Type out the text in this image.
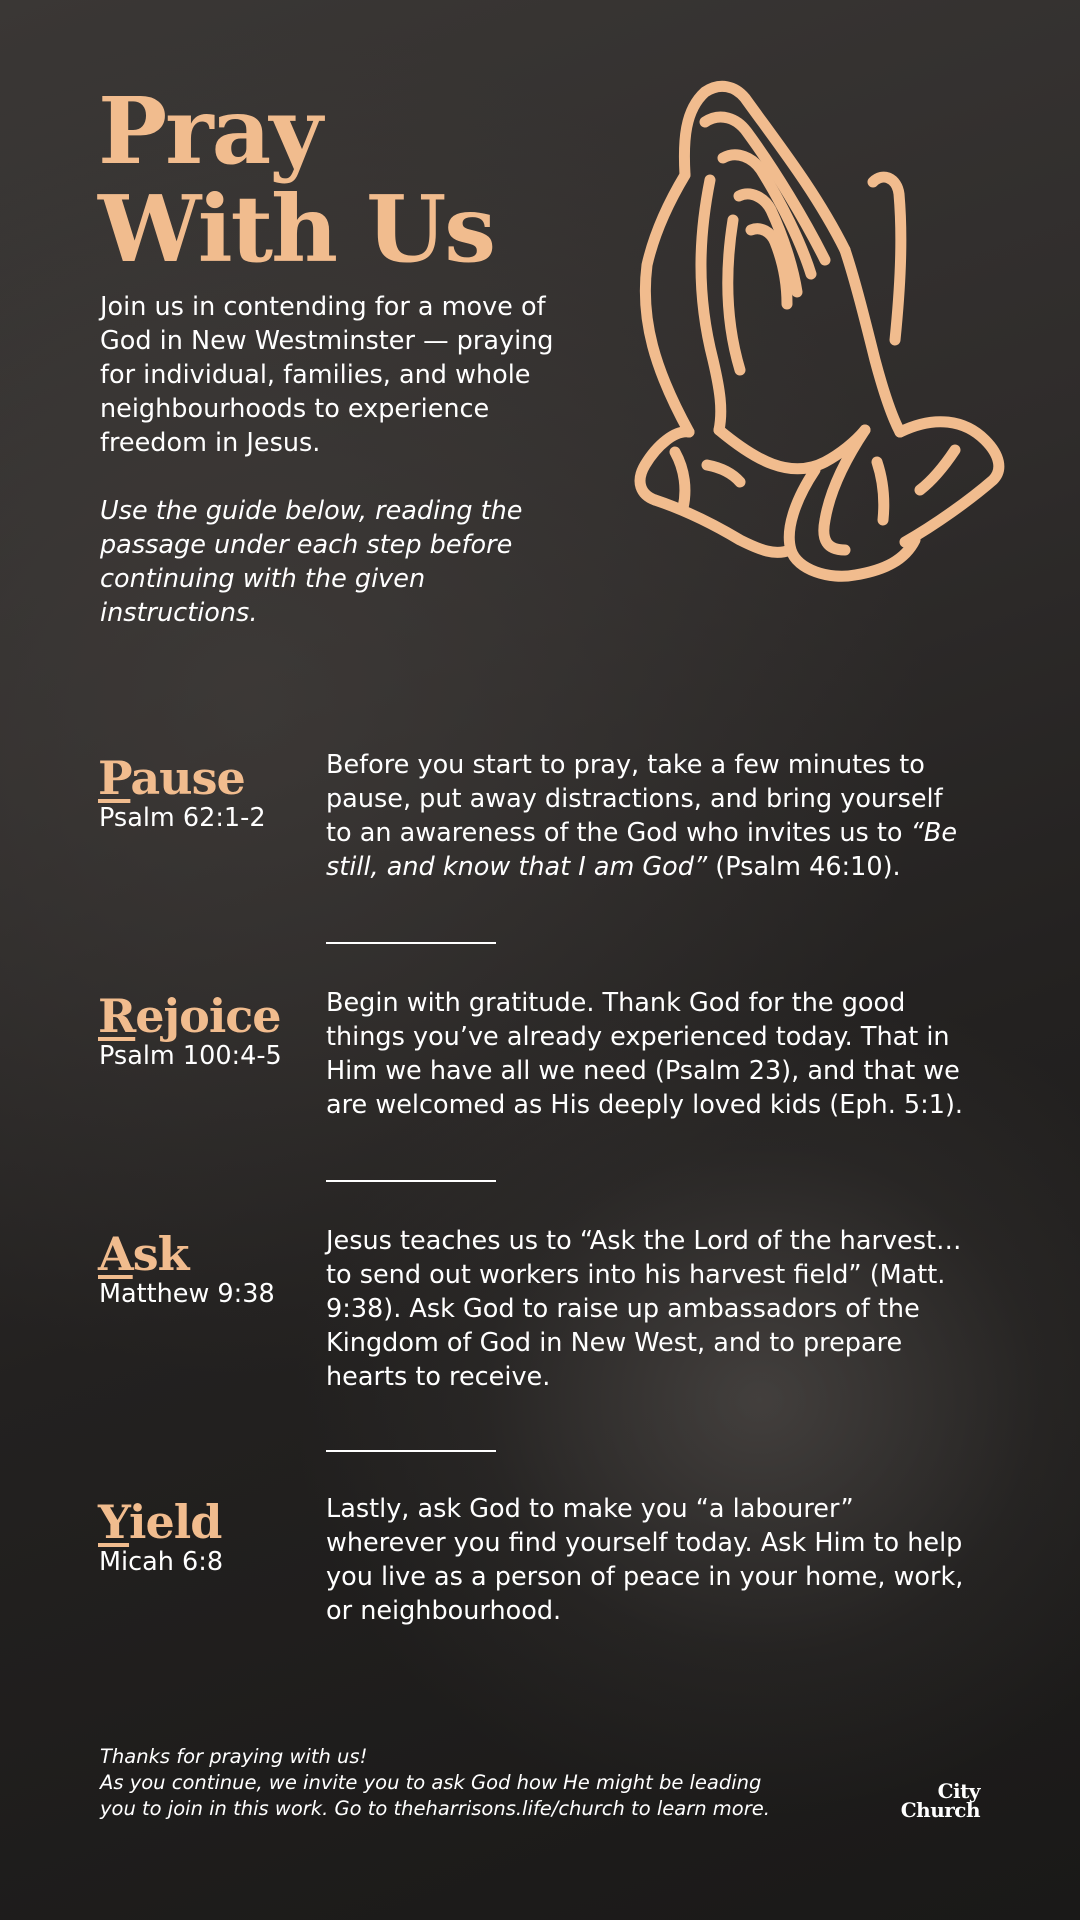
Pray
With Us

Join us in contending for a move of God in New Westminster — praying for individual, families, and whole neighbourhoods to experience freedom in Jesus.

Use the guide below, reading the passage under each step before continuing with the given instructions.

Pause
Psalm 62:1-2

Before you start to pray, take a few minutes to pause, put away distractions, and bring yourself to an awareness of the God who invites us to “Be still, and know that I am God” (Psalm 46:10).

Rejoice
Psalm 100:4-5

Begin with gratitude. Thank God for the good things you’ve already experienced today. That in Him we have all we need (Psalm 23), and that we are welcomed as His deeply loved kids (Eph. 5:1).

Ask
Matthew 9:38

Jesus teaches us to “Ask the Lord of the harvest… to send out workers into his harvest field” (Matt. 9:38). Ask God to raise up ambassadors of the Kingdom of God in New West, and to prepare hearts to receive.

Yield
Micah 6:8

Lastly, ask God to make you “a labourer” wherever you find yourself today. Ask Him to help you live as a person of peace in your home, work, or neighbourhood.

Thanks for praying with us!
As you continue, we invite you to ask God how He might be leading you to join in this work. Go to theharrisons.life/church to learn more.

City
Church
